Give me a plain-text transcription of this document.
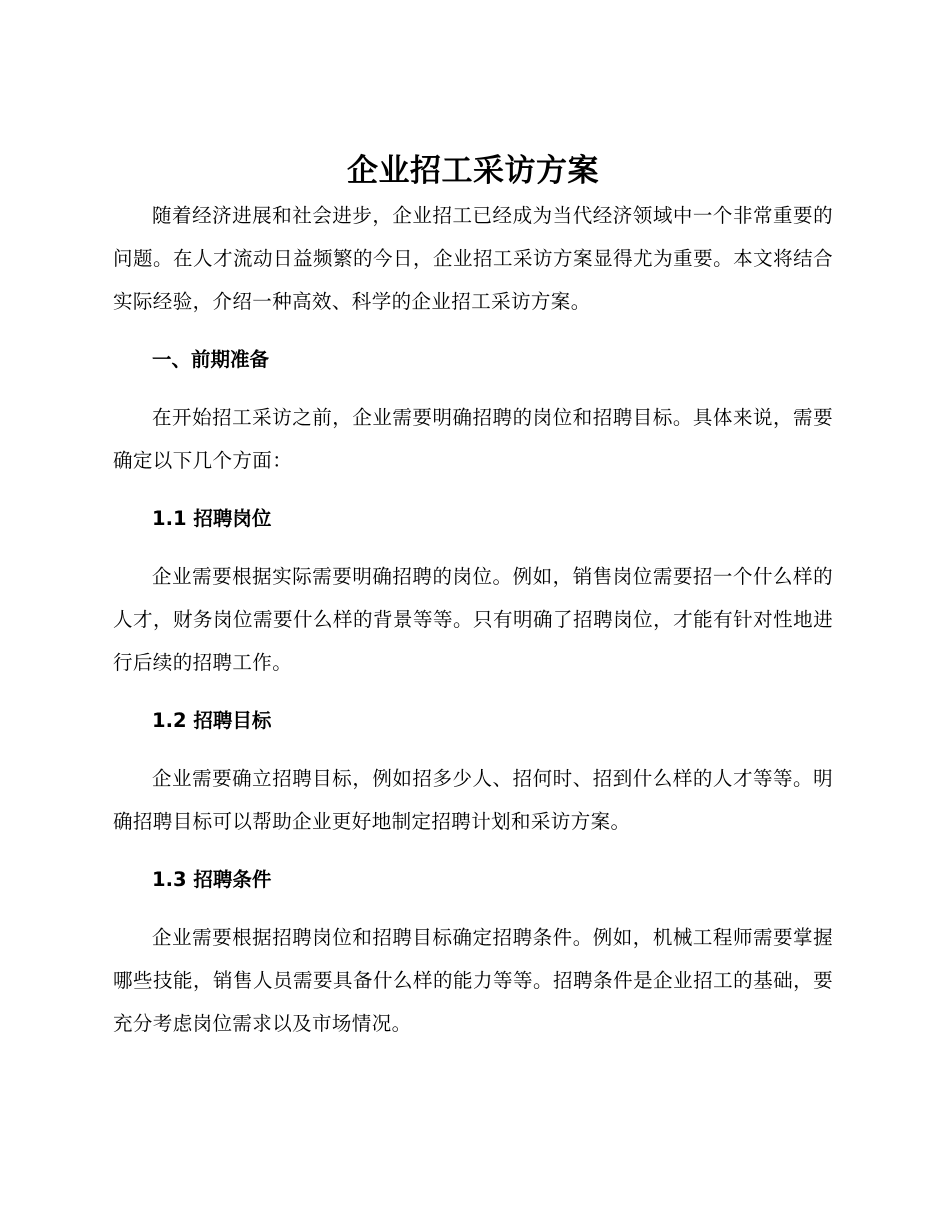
企业招工采访方案

随着经济进展和社会进步，企业招工已经成为当代经济领域中一个非常重要的问题。在人才流动日益频繁的今日，企业招工采访方案显得尤为重要。本文将结合实际经验，介绍一种高效、科学的企业招工采访方案。

一、前期准备

在开始招工采访之前，企业需要明确招聘的岗位和招聘目标。具体来说，需要确定以下几个方面：

1.1 招聘岗位

企业需要根据实际需要明确招聘的岗位。例如，销售岗位需要招一个什么样的人才，财务岗位需要什么样的背景等等。只有明确了招聘岗位，才能有针对性地进行后续的招聘工作。

1.2 招聘目标

企业需要确立招聘目标，例如招多少人、招何时、招到什么样的人才等等。明确招聘目标可以帮助企业更好地制定招聘计划和采访方案。

1.3 招聘条件

企业需要根据招聘岗位和招聘目标确定招聘条件。例如，机械工程师需要掌握哪些技能，销售人员需要具备什么样的能力等等。招聘条件是企业招工的基础，要充分考虑岗位需求以及市场情况。
